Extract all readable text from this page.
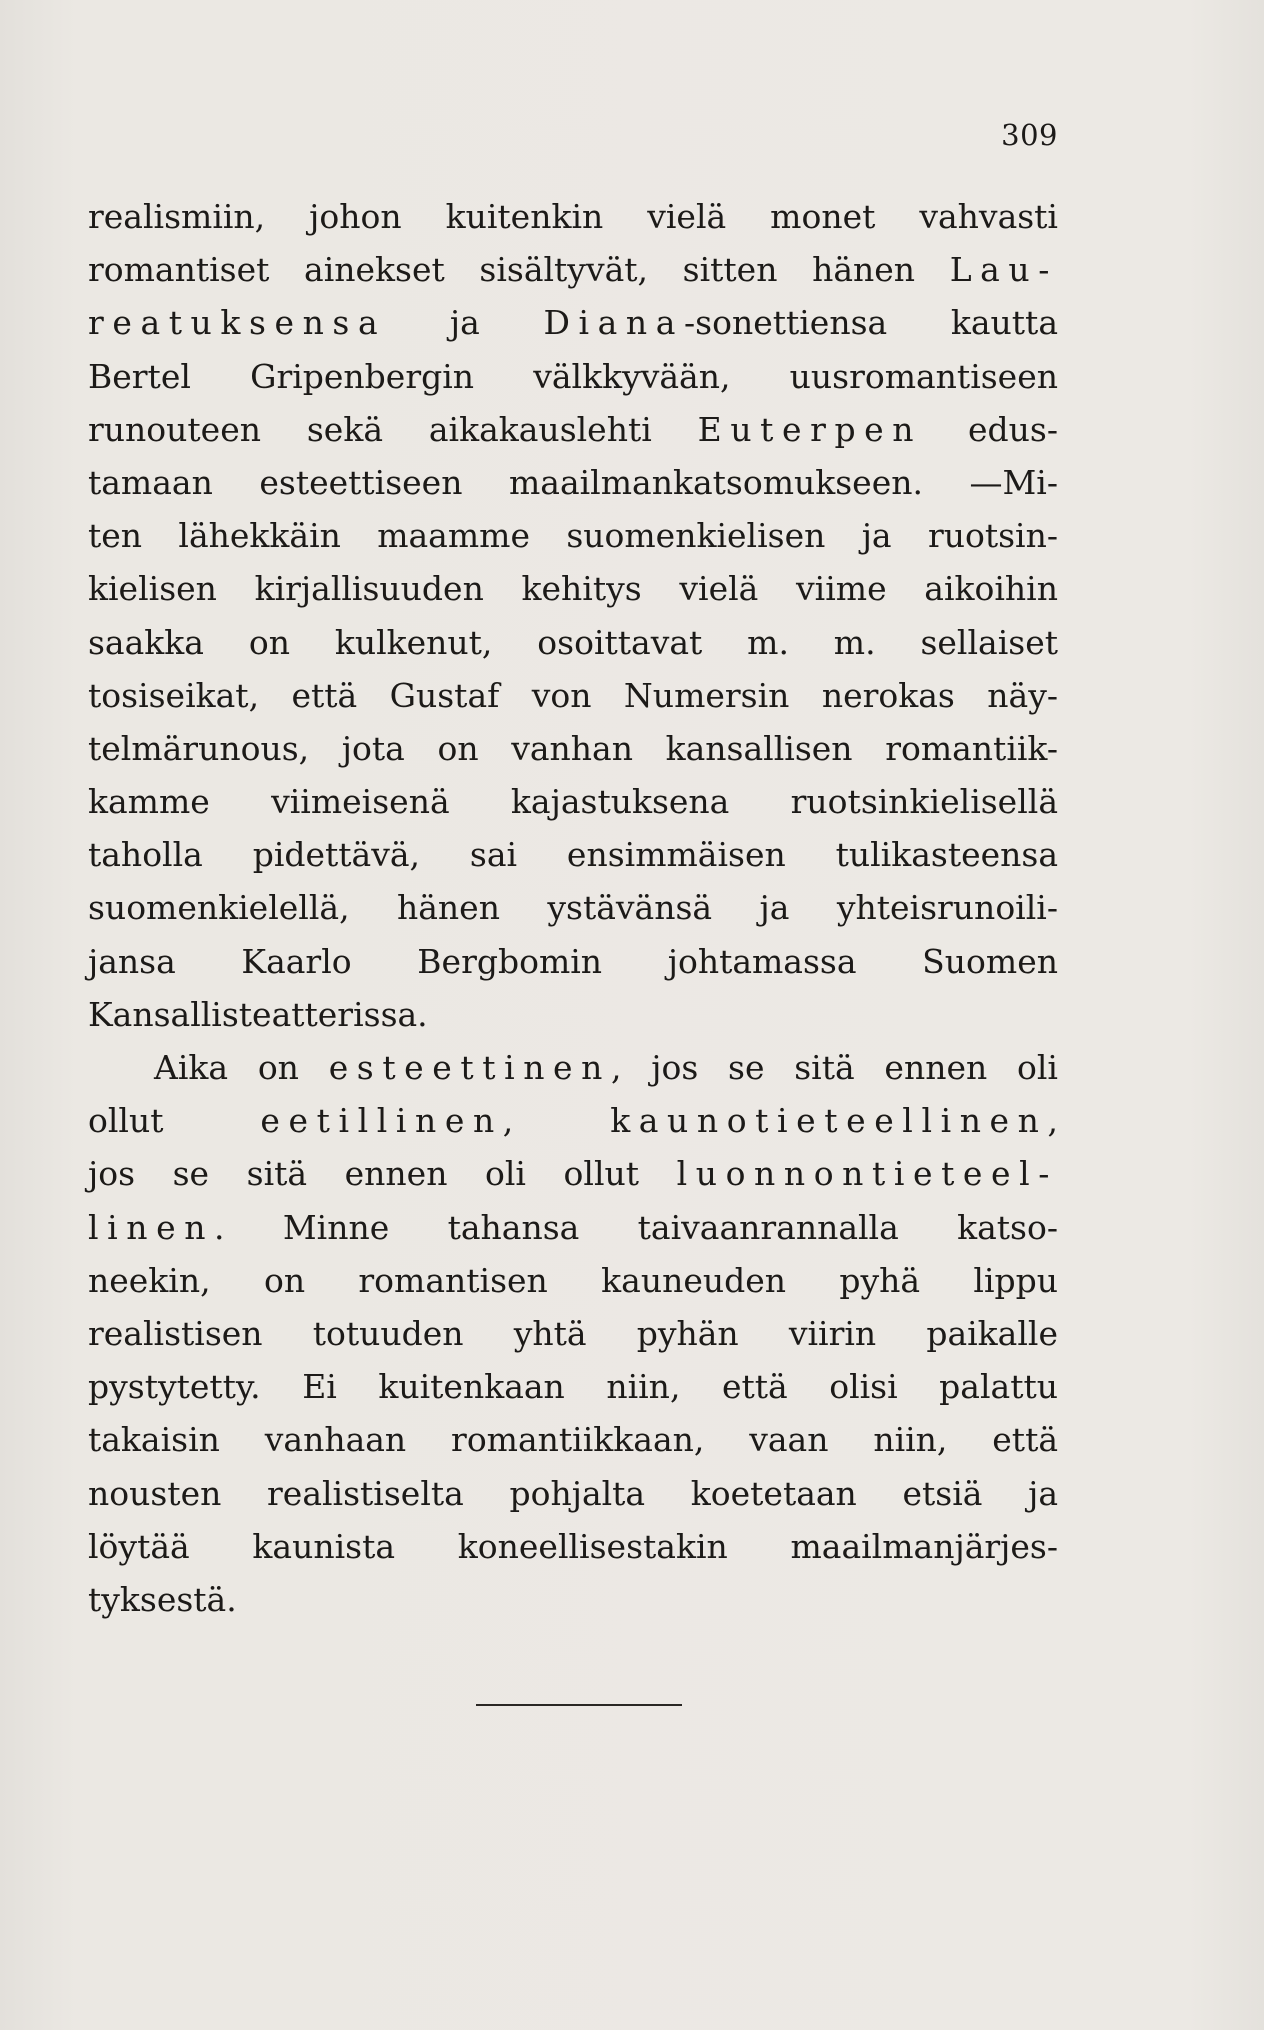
309
realismiin, johon kuitenkin vielä monet vahvasti
romantiset ainekset sisältyvät, sitten hänen Lau-
reatuksensa ja Diana-sonettiensa kautta
Bertel Gripenbergin välkkyvään, uusromantiseen
runouteen sekä aikakauslehti Euterpen edus-
tamaan esteettiseen maailmankatsomukseen. —Mi-
ten lähekkäin maamme suomenkielisen ja ruotsin-
kielisen kirjallisuuden kehitys vielä viime aikoihin
saakka on kulkenut, osoittavat m. m. sellaiset
tosiseikat, että Gustaf von Numersin nerokas näy-
telmärunous, jota on vanhan kansallisen romantiik-
kamme viimeisenä kajastuksena ruotsinkielisellä
taholla pidettävä, sai ensimmäisen tulikasteensa
suomenkielellä, hänen ystävänsä ja yhteisrunoili-
jansa Kaarlo Bergbomin johtamassa Suomen
Kansallisteatterissa.
Aika on esteettinen, jos se sitä ennen oli
ollut eetillinen, kaunotieteellinen,
jos se sitä ennen oli ollut luonnontieteel-
linen. Minne tahansa taivaanrannalla katso-
neekin, on romantisen kauneuden pyhä lippu
realistisen totuuden yhtä pyhän viirin paikalle
pystytetty. Ei kuitenkaan niin, että olisi palattu
takaisin vanhaan romantiikkaan, vaan niin, että
nousten realistiselta pohjalta koetetaan etsiä ja
löytää kaunista koneellisestakin maailmanjärjes-
tyksestä.
